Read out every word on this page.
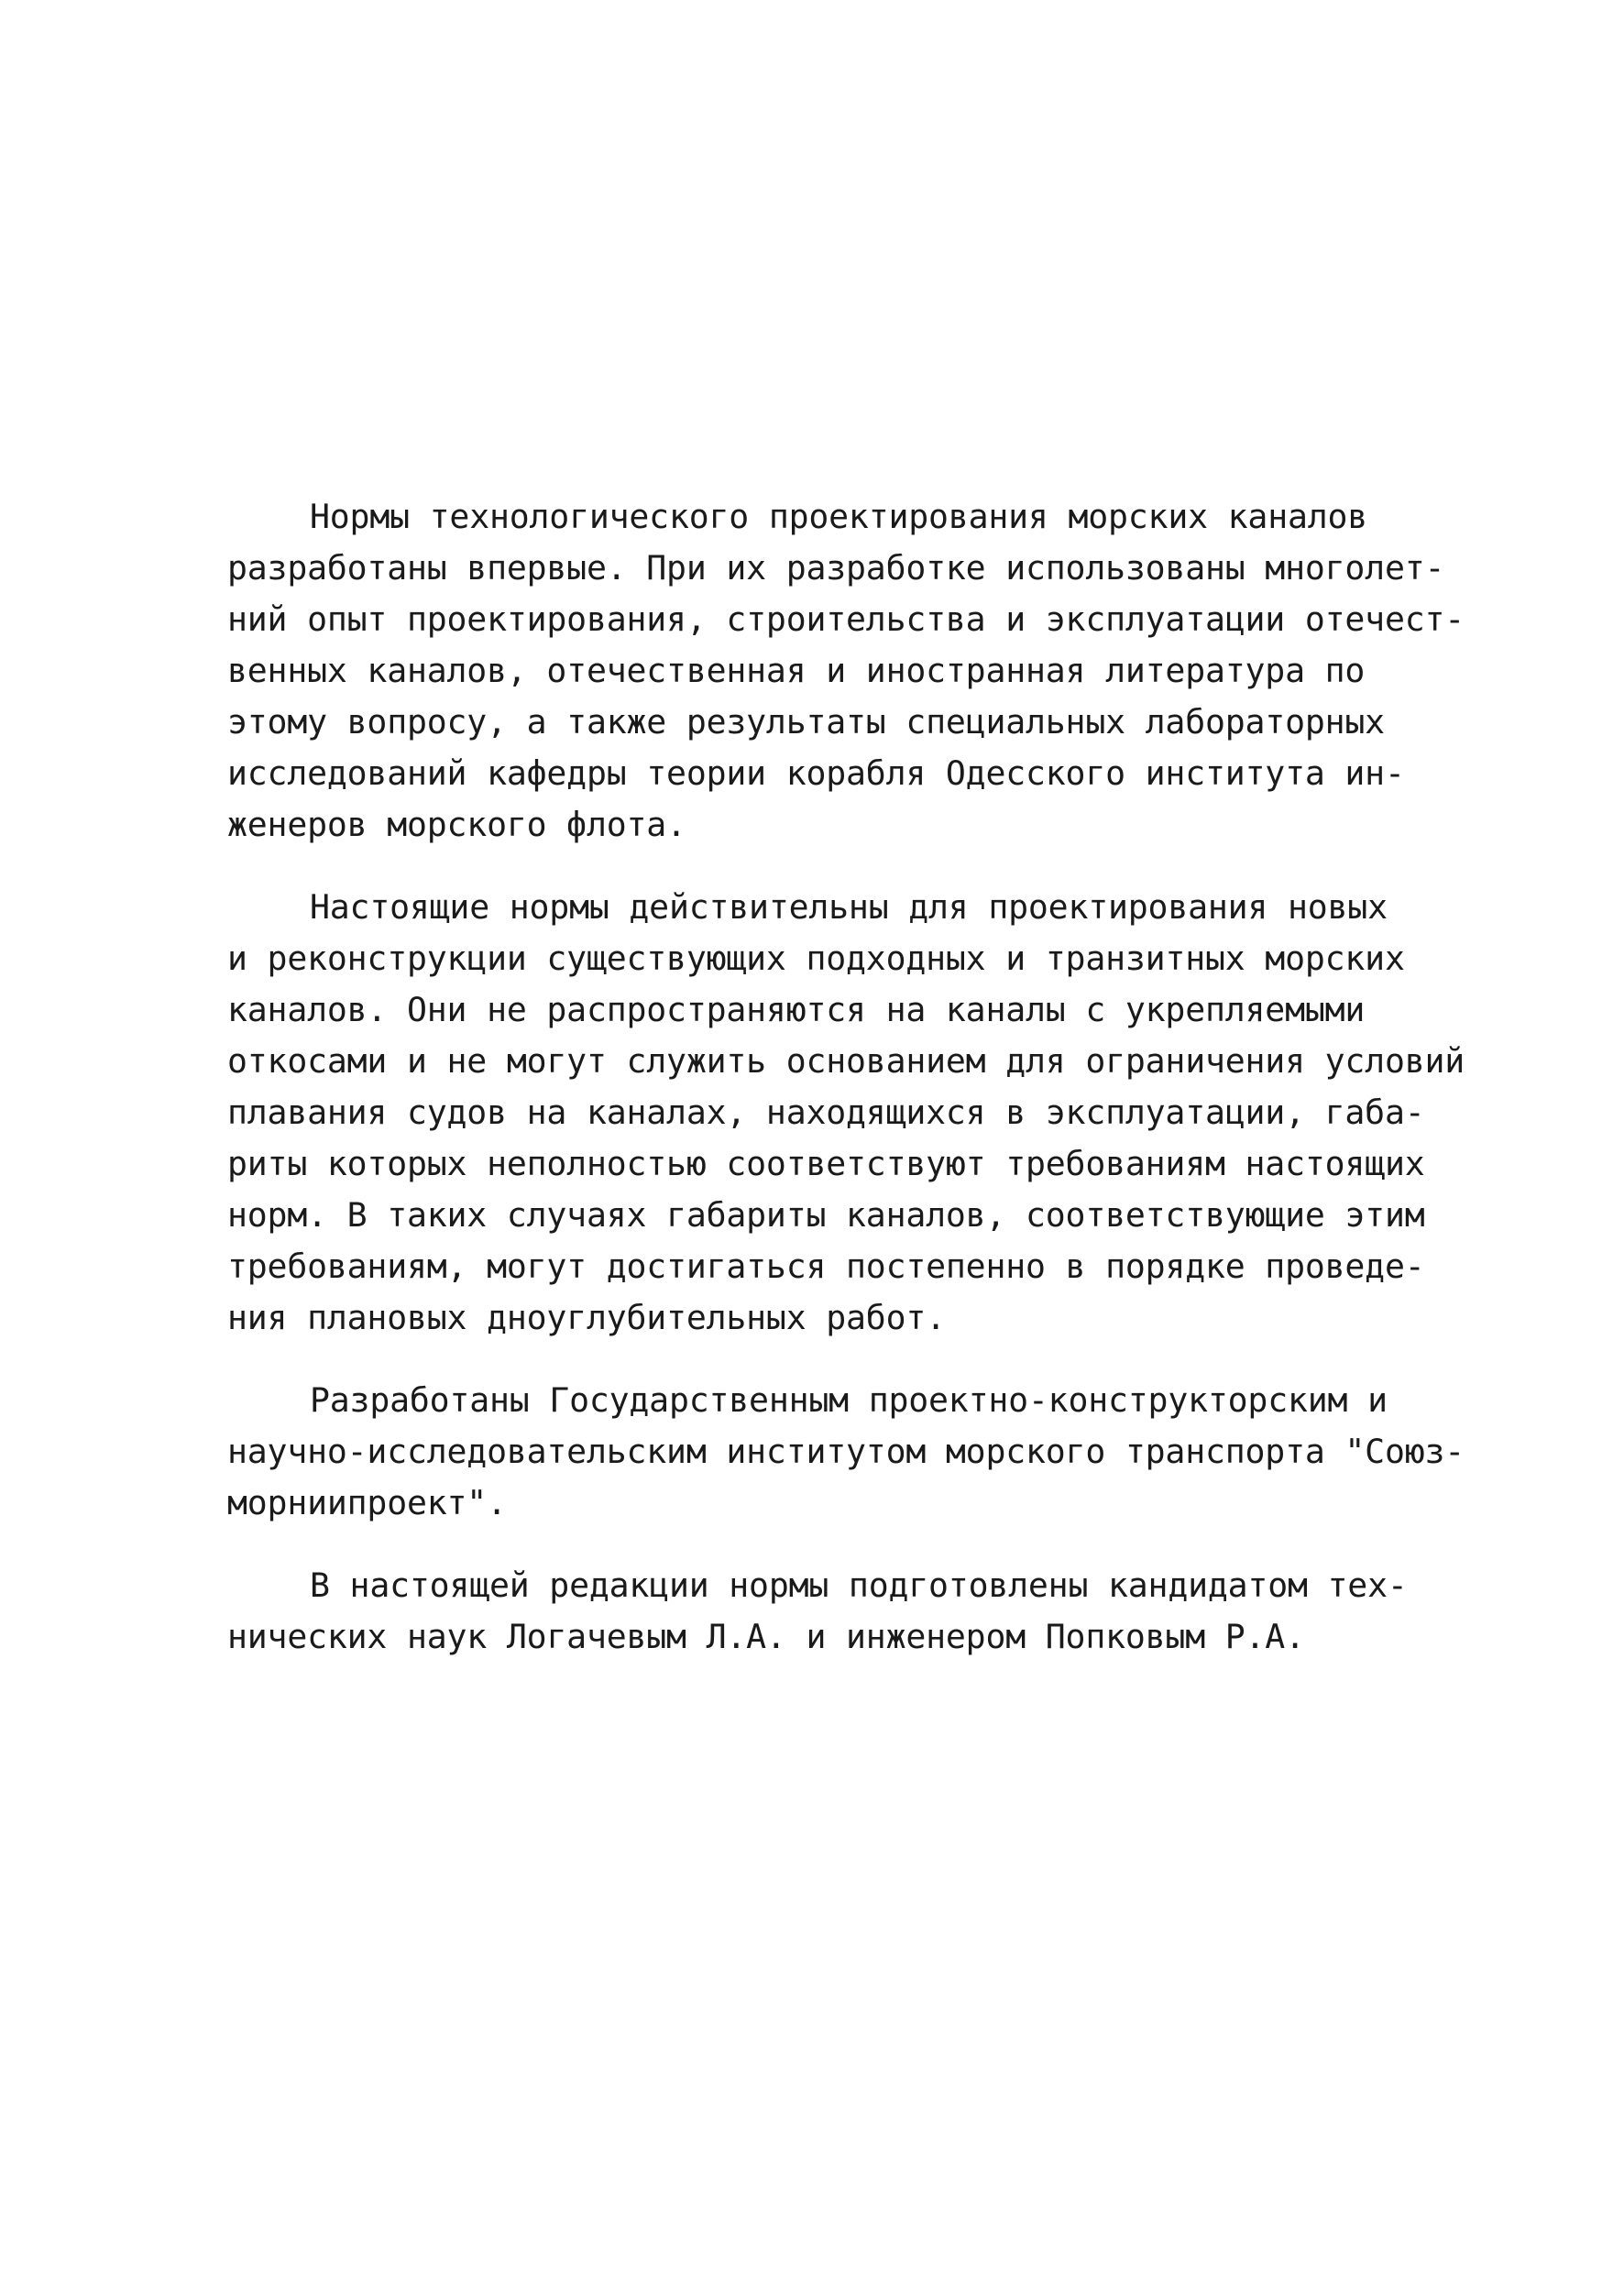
Нормы технологического проектирования морских каналов
разработаны впервые. При их разработке использованы многолет-
ний опыт проектирования, строительства и эксплуатации отечест-
венных каналов, отечественная и иностранная литература по
этому вопросу, а также результаты специальных лабораторных
исследований кафедры теории корабля Одесского института ин-
женеров морского флота.

Настоящие нормы действительны для проектирования новых
и реконструкции существующих подходных и транзитных морских
каналов. Они не распространяются на каналы с укрепляемыми
откосами и не могут служить основанием для ограничения условий
плавания судов на каналах, находящихся в эксплуатации, габа-
риты которых неполностью соответствуют требованиям настоящих
норм. В таких случаях габариты каналов, соответствующие этим
требованиям, могут достигаться постепенно в порядке проведе-
ния плановых дноуглубительных работ.

Разработаны Государственным проектно-конструкторским и
научно-исследовательским институтом морского транспорта "Союз-
морниипроект".

В настоящей редакции нормы подготовлены кандидатом тех-
нических наук Логачевым Л.А. и инженером Попковым Р.А.
